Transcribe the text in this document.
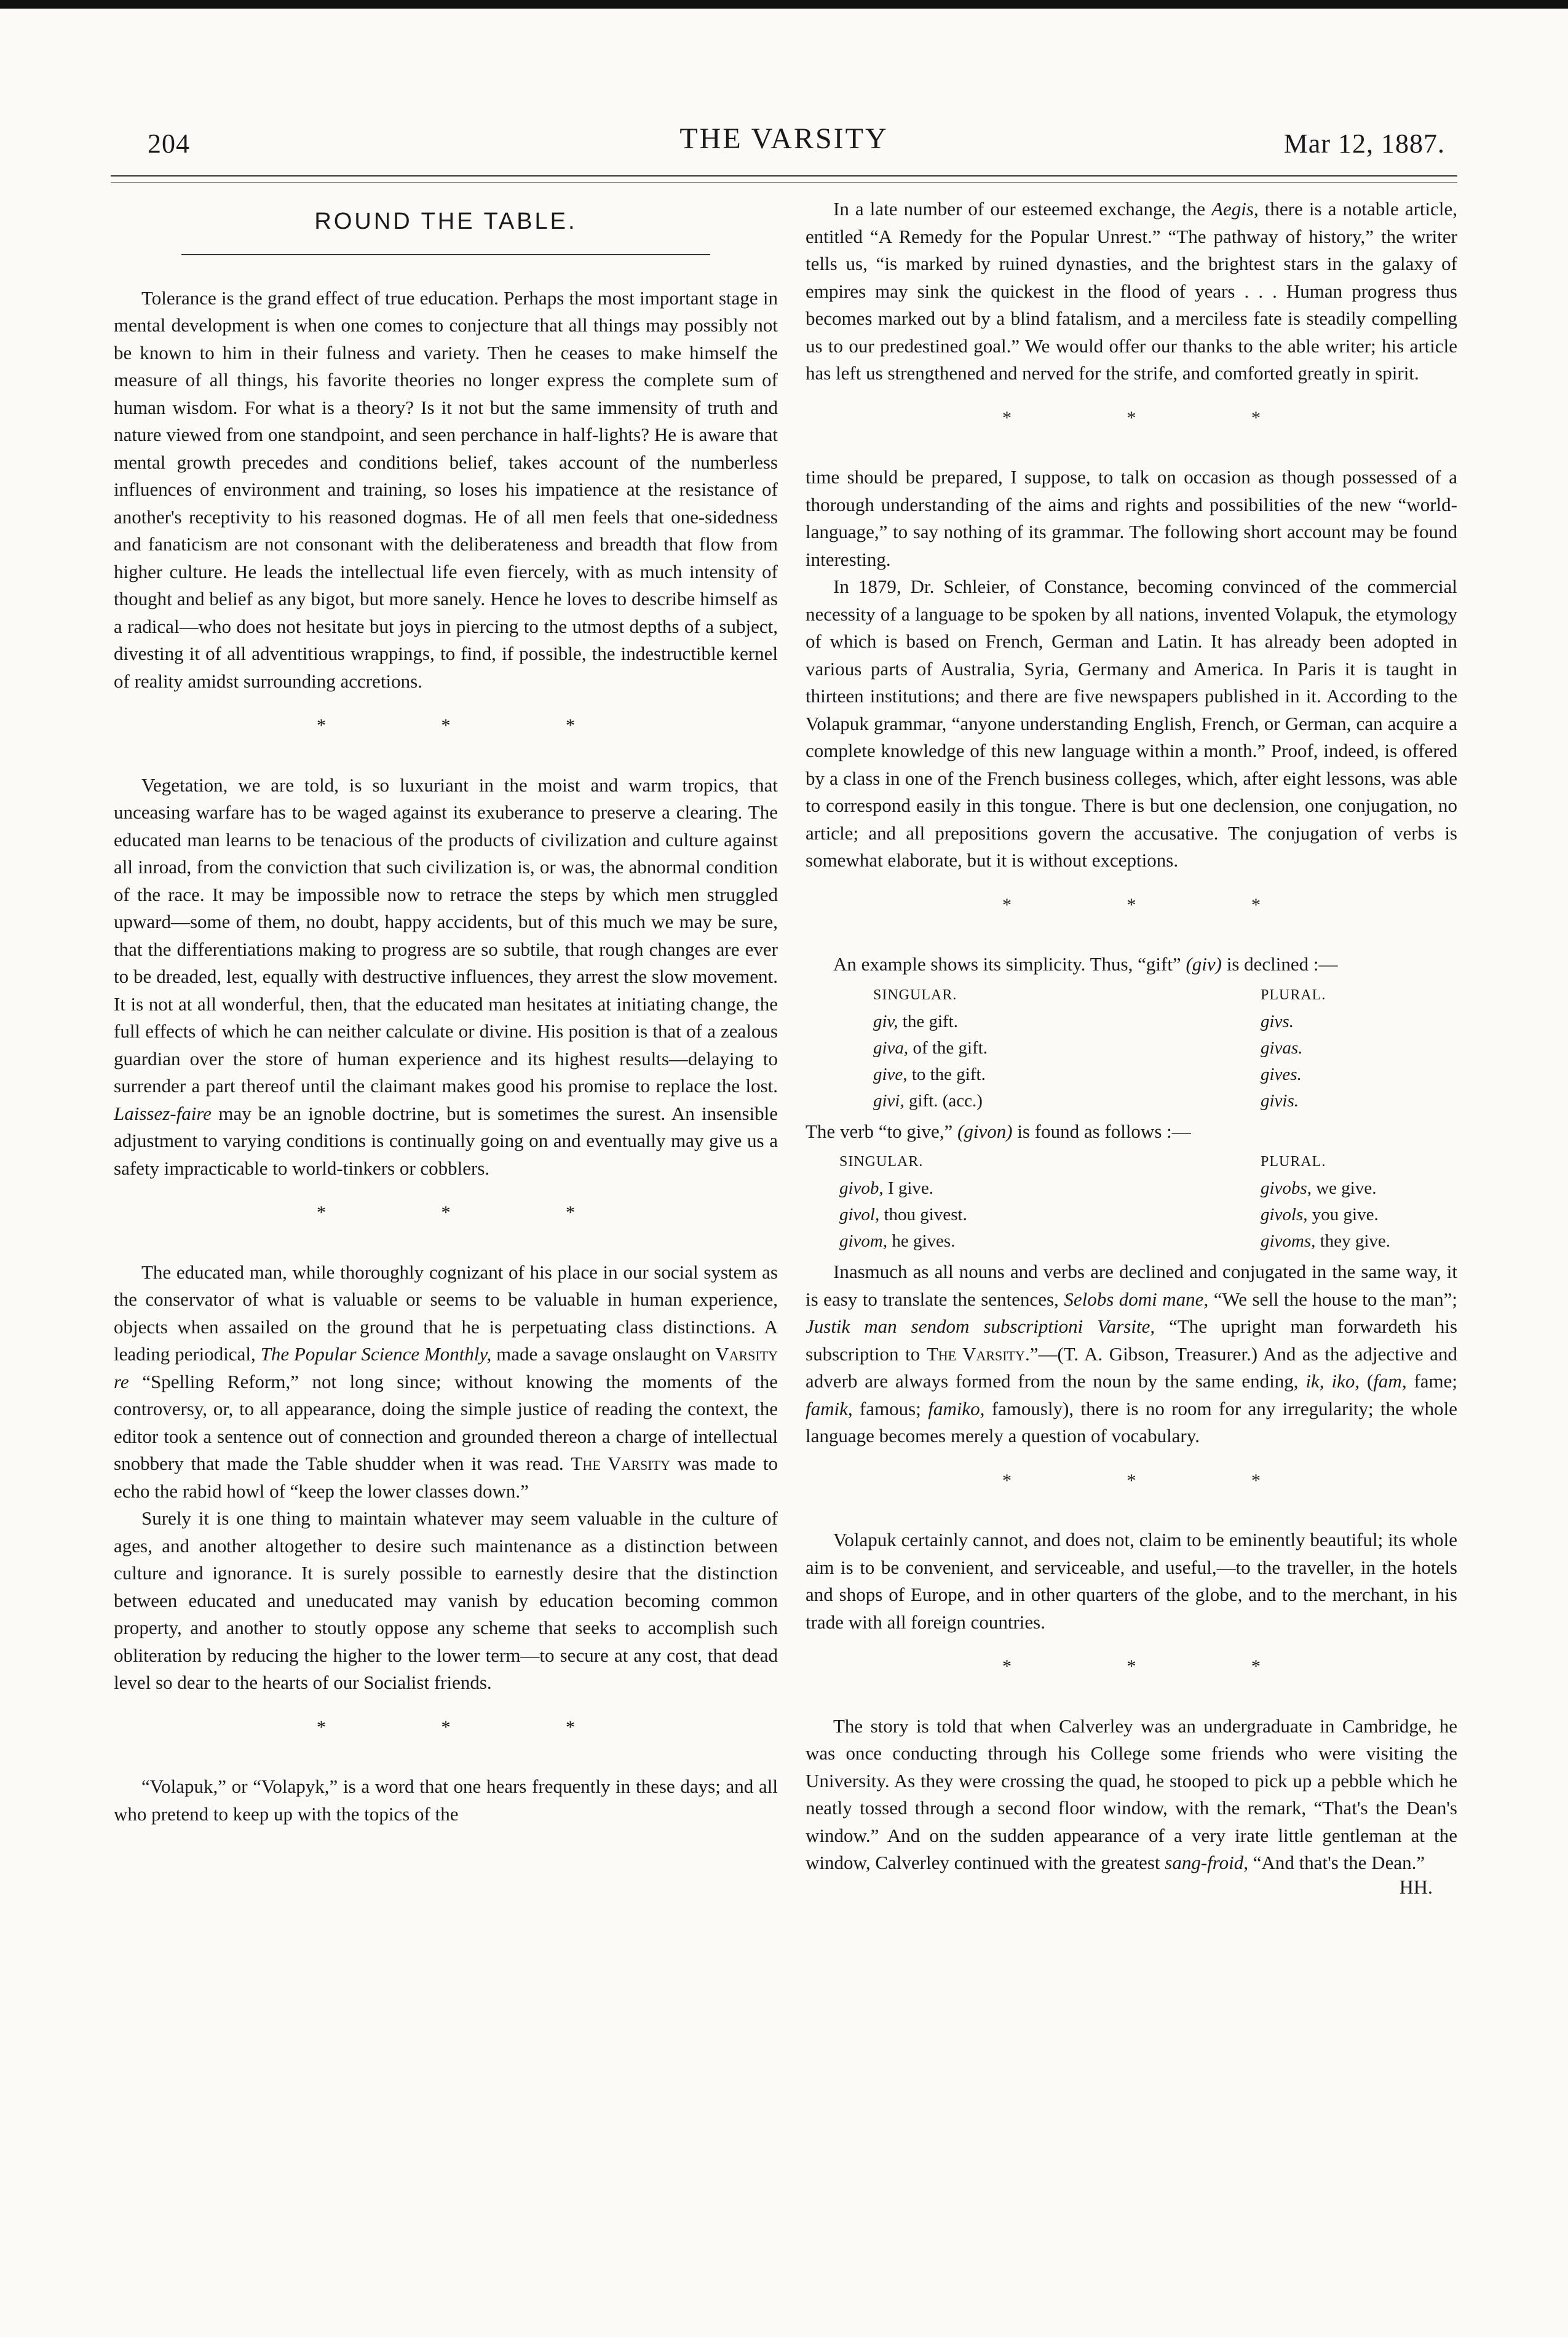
204	THE VARSITY	Mar 12, 1887.
ROUND THE TABLE.

Tolerance is the grand effect of true education. Perhaps the most important stage in mental development is when one comes to conjecture that all things may possibly not be known to him in their fulness and variety. Then he ceases to make himself the measure of all things, his favorite theories no longer express the complete sum of human wisdom. For what is a theory? Is it not but the same immensity of truth and nature viewed from one standpoint, and seen perchance in half-lights? He is aware that mental growth precedes and conditions belief, takes account of the numberless influences of environment and training, so loses his impatience at the resistance of another's receptivity to his reasoned dogmas. He of all men feels that one-sidedness and fanaticism are not consonant with the deliberateness and breadth that flow from higher culture. He leads the intellectual life even fiercely, with as much intensity of thought and belief as any bigot, but more sanely. Hence he loves to describe himself as a radical—who does not hesitate but joys in piercing to the utmost depths of a subject, divesting it of all adventitious wrappings, to find, if possible, the indestructible kernel of reality amidst surrounding accretions.

* * *

Vegetation, we are told, is so luxuriant in the moist and warm tropics, that unceasing warfare has to be waged against its exuberance to preserve a clearing. The educated man learns to be tenacious of the products of civilization and culture against all inroad, from the conviction that such civilization is, or was, the abnormal condition of the race. It may be impossible now to retrace the steps by which men struggled upward—some of them, no doubt, happy accidents, but of this much we may be sure, that the differentiations making to progress are so subtile, that rough changes are ever to be dreaded, lest, equally with destructive influences, they arrest the slow movement. It is not at all wonderful, then, that the educated man hesitates at initiating change, the full effects of which he can neither calculate or divine. His position is that of a zealous guardian over the store of human experience and its highest results—delaying to surrender a part thereof until the claimant makes good his promise to replace the lost. Laissez-faire may be an ignoble doctrine, but is sometimes the surest. An insensible adjustment to varying conditions is continually going on and eventually may give us a safety impracticable to world-tinkers or cobblers.

* * *

The educated man, while thoroughly cognizant of his place in our social system as the conservator of what is valuable or seems to be valuable in human experience, objects when assailed on the ground that he is perpetuating class distinctions. A leading periodical, The Popular Science Monthly, made a savage onslaught on Varsity re “Spelling Reform,” not long since; without knowing the moments of the controversy, or, to all appearance, doing the simple justice of reading the context, the editor took a sentence out of connection and grounded thereon a charge of intellectual snobbery that made the Table shudder when it was read. The Varsity was made to echo the rabid howl of “keep the lower classes down.”

Surely it is one thing to maintain whatever may seem valuable in the culture of ages, and another altogether to desire such maintenance as a distinction between culture and ignorance. It is surely possible to earnestly desire that the distinction between educated and uneducated may vanish by education becoming common property, and another to stoutly oppose any scheme that seeks to accomplish such obliteration by reducing the higher to the lower term—to secure at any cost, that dead level so dear to the hearts of our Socialist friends.

* * *

“Volapuk,” or “Volapyk,” is a word that one hears frequently in these days; and all who pretend to keep up with the topics of the

In a late number of our esteemed exchange, the Aegis, there is a notable article, entitled “A Remedy for the Popular Unrest.” “The pathway of history,” the writer tells us, “is marked by ruined dynasties, and the brightest stars in the galaxy of empires may sink the quickest in the flood of years . . . Human progress thus becomes marked out by a blind fatalism, and a merciless fate is steadily compelling us to our predestined goal.” We would offer our thanks to the able writer; his article has left us strengthened and nerved for the strife, and comforted greatly in spirit.

* * *

time should be prepared, I suppose, to talk on occasion as though possessed of a thorough understanding of the aims and rights and possibilities of the new “world-language,” to say nothing of its grammar. The following short account may be found interesting.

In 1879, Dr. Schleier, of Constance, becoming convinced of the commercial necessity of a language to be spoken by all nations, invented Volapuk, the etymology of which is based on French, German and Latin. It has already been adopted in various parts of Australia, Syria, Germany and America. In Paris it is taught in thirteen institutions; and there are five newspapers published in it. According to the Volapuk grammar, “anyone understanding English, French, or German, can acquire a complete knowledge of this new language within a month.” Proof, indeed, is offered by a class in one of the French business colleges, which, after eight lessons, was able to correspond easily in this tongue. There is but one declension, one conjugation, no article; and all prepositions govern the accusative. The conjugation of verbs is somewhat elaborate, but it is without exceptions.

* * *

An example shows its simplicity. Thus, “gift” (giv) is declined :—

SINGULAR.
giv, the gift.
giva, of the gift.
give, to the gift.
givi, gift. (acc.)
PLURAL.
givs.
givas.
gives.
givis.

The verb “to give,” (givon) is found as follows :—

SINGULAR.
givob, I give.
givol, thou givest.
givom, he gives.
PLURAL.
givobs, we give.
givols, you give.
givoms, they give.

Inasmuch as all nouns and verbs are declined and conjugated in the same way, it is easy to translate the sentences, Selobs domi mane, “We sell the house to the man”; Justik man sendom subscriptioni Varsite, “The upright man forwardeth his subscription to The Varsity.”—(T. A. Gibson, Treasurer.) And as the adjective and adverb are always formed from the noun by the same ending, ik, iko, (fam, fame; famik, famous; famiko, famously), there is no room for any irregularity; the whole language becomes merely a question of vocabulary.

* * *

Volapuk certainly cannot, and does not, claim to be eminently beautiful; its whole aim is to be convenient, and serviceable, and useful,—to the traveller, in the hotels and shops of Europe, and in other quarters of the globe, and to the merchant, in his trade with all foreign countries.

* * *

The story is told that when Calverley was an undergraduate in Cambridge, he was once conducting through his College some friends who were visiting the University. As they were crossing the quad, he stooped to pick up a pebble which he neatly tossed through a second floor window, with the remark, “That's the Dean's window.” And on the sudden appearance of a very irate little gentleman at the window, Calverley continued with the greatest sang-froid, “And that's the Dean.”

HH.
